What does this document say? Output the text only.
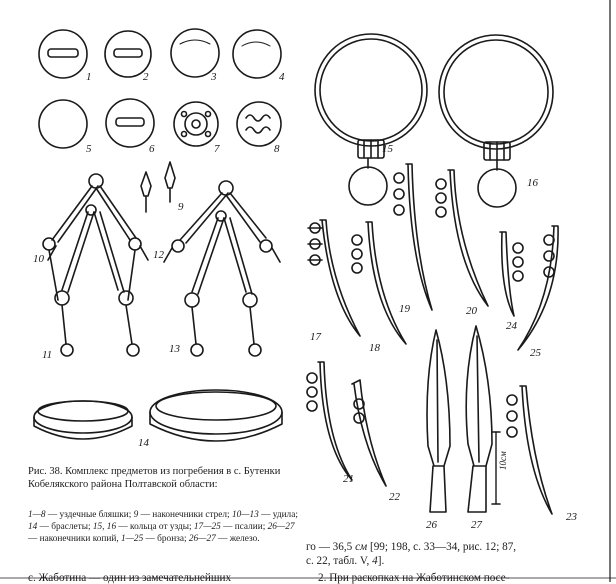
1	2	3	4
5	6	7	8
9
10
11
12
13
14
15
16
17
18
19	20
21
22
23
24
25
26	27
10см
Рис. 38. Комплекс предметов из погребения в с. Бутенки Кобелякского района Полтавской области:
1—8 — уздечные бляшки; 9 — наконечники стрел; 10—13 — удила; 14 — браслеты; 15, 16 — кольца от узды; 17—25 — псалии; 26—27 — наконечники копий, 1—25 — бронза; 26—27 — железо.
го — 36,5 см [99; 198, с. 33—34, рис. 12; 87,
с. 22, табл. V, 4].
с. Жаботина — один из замечательнейших	2. При раскопках на Жаботинском посе-
